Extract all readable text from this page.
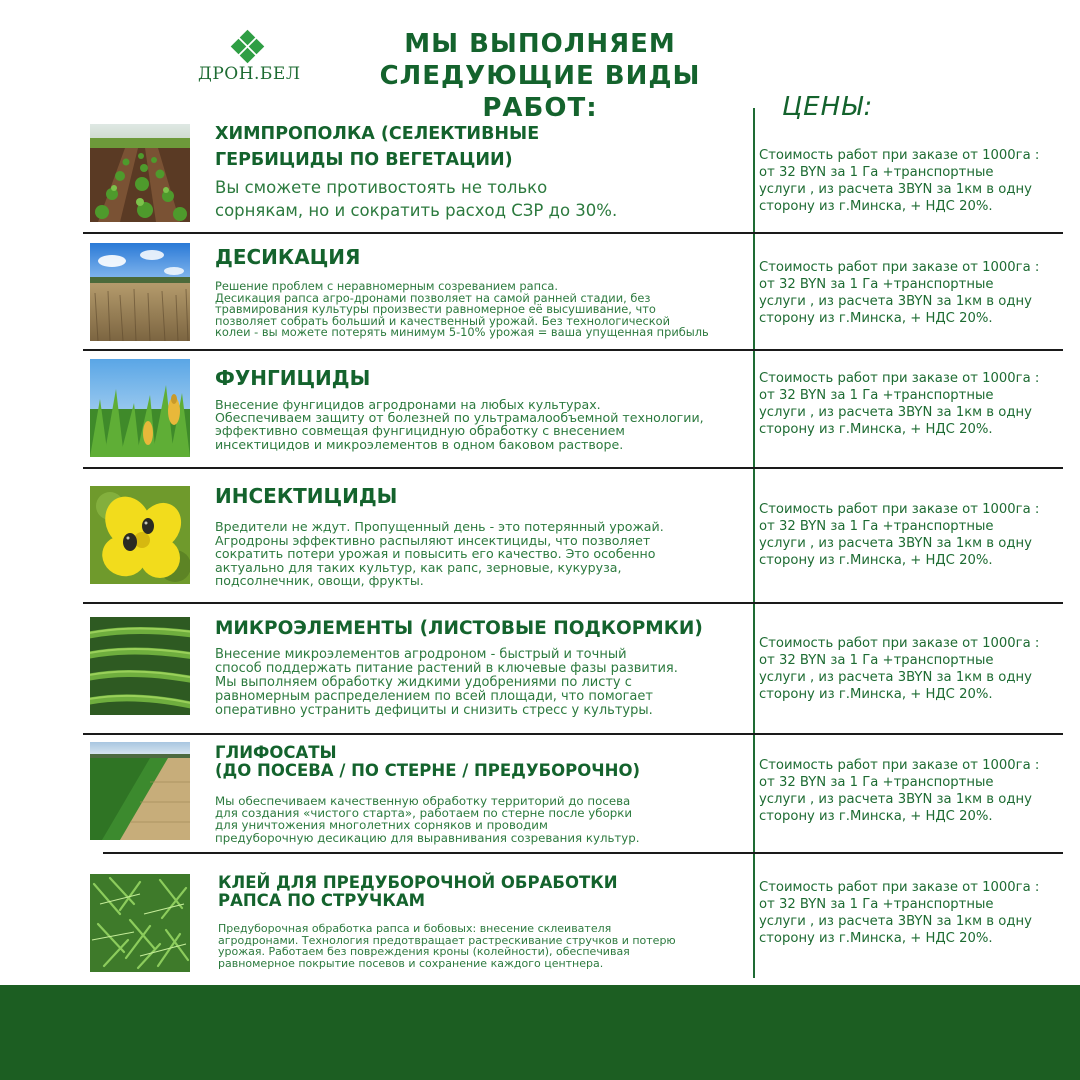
ДРОН.БЕЛ
МЫ ВЫПОЛНЯЕМ
СЛЕДУЮЩИЕ ВИДЫ РАБОТ:	ЦЕНЫ:
ХИМПРОПОЛКА (СЕЛЕКТИВНЫЕ
ГЕРБИЦИДЫ ПО ВЕГЕТАЦИИ)
Вы сможете противостоять не только
сорнякам, но и сократить расход СЗР до 30%.
Стоимость работ при заказе от 1000га :
от 32 BYN за 1 Га +транспортные
услуги , из расчета 3BYN за 1км в одну
сторону из г.Минска, + НДС 20%.
ДЕСИКАЦИЯ
Решение проблем с неравномерным созреванием рапса.
Десикация рапса агро-дронами позволяет на самой ранней стадии, без
травмирования культуры произвести равномерное её высушивание, что
позволяет собрать больший и качественный урожай. Без технологической
колеи - вы можете потерять минимум 5-10% урожая = ваша упущенная прибыль
Стоимость работ при заказе от 1000га :
от 32 BYN за 1 Га +транспортные
услуги , из расчета 3BYN за 1км в одну
сторону из г.Минска, + НДС 20%.
ФУНГИЦИДЫ
Внесение фунгицидов агродронами на любых культурах.
Обеспечиваем защиту от болезней по ультрамалообъемной технологии,
эффективно совмещая фунгицидную обработку с внесением
инсектицидов и микроэлементов в одном баковом растворе.
Стоимость работ при заказе от 1000га :
от 32 BYN за 1 Га +транспортные
услуги , из расчета 3BYN за 1км в одну
сторону из г.Минска, + НДС 20%.
ИНСЕКТИЦИДЫ
Вредители не ждут. Пропущенный день - это потерянный урожай.
Агродроны эффективно распыляют инсектициды, что позволяет
сократить потери урожая и повысить его качество. Это особенно
актуально для таких культур, как рапс, зерновые, кукуруза,
подсолнечник, овощи, фрукты.
Стоимость работ при заказе от 1000га :
от 32 BYN за 1 Га +транспортные
услуги , из расчета 3BYN за 1км в одну
сторону из г.Минска, + НДС 20%.
МИКРОЭЛЕМЕНТЫ (ЛИСТОВЫЕ ПОДКОРМКИ)
Внесение микроэлементов агродроном - быстрый и точный
способ поддержать питание растений в ключевые фазы развития.
Мы выполняем обработку жидкими удобрениями по листу с
равномерным распределением по всей площади, что помогает
оперативно устранить дефициты и снизить стресс у культуры.
Стоимость работ при заказе от 1000га :
от 32 BYN за 1 Га +транспортные
услуги , из расчета 3BYN за 1км в одну
сторону из г.Минска, + НДС 20%.
ГЛИФОСАТЫ
(ДО ПОСЕВА / ПО СТЕРНЕ / ПРЕДУБОРОЧНО)
Мы обеспечиваем качественную обработку территорий до посева
для создания «чистого старта», работаем по стерне после уборки
для уничтожения многолетних сорняков и проводим
предуборочную десикацию для выравнивания созревания культур.
Стоимость работ при заказе от 1000га :
от 32 BYN за 1 Га +транспортные
услуги , из расчета 3BYN за 1км в одну
сторону из г.Минска, + НДС 20%.
КЛЕЙ ДЛЯ ПРЕДУБОРОЧНОЙ ОБРАБОТКИ
РАПСА ПО СТРУЧКАМ
Предуборочная обработка рапса и бобовых: внесение склеивателя
агродронами. Технология предотвращает растрескивание стручков и потерю
урожая. Работаем без повреждения кроны (колейности), обеспечивая
равномерное покрытие посевов и сохранение каждого центнера.
Стоимость работ при заказе от 1000га :
от 32 BYN за 1 Га +транспортные
услуги , из расчета 3BYN за 1км в одну
сторону из г.Минска, + НДС 20%.
